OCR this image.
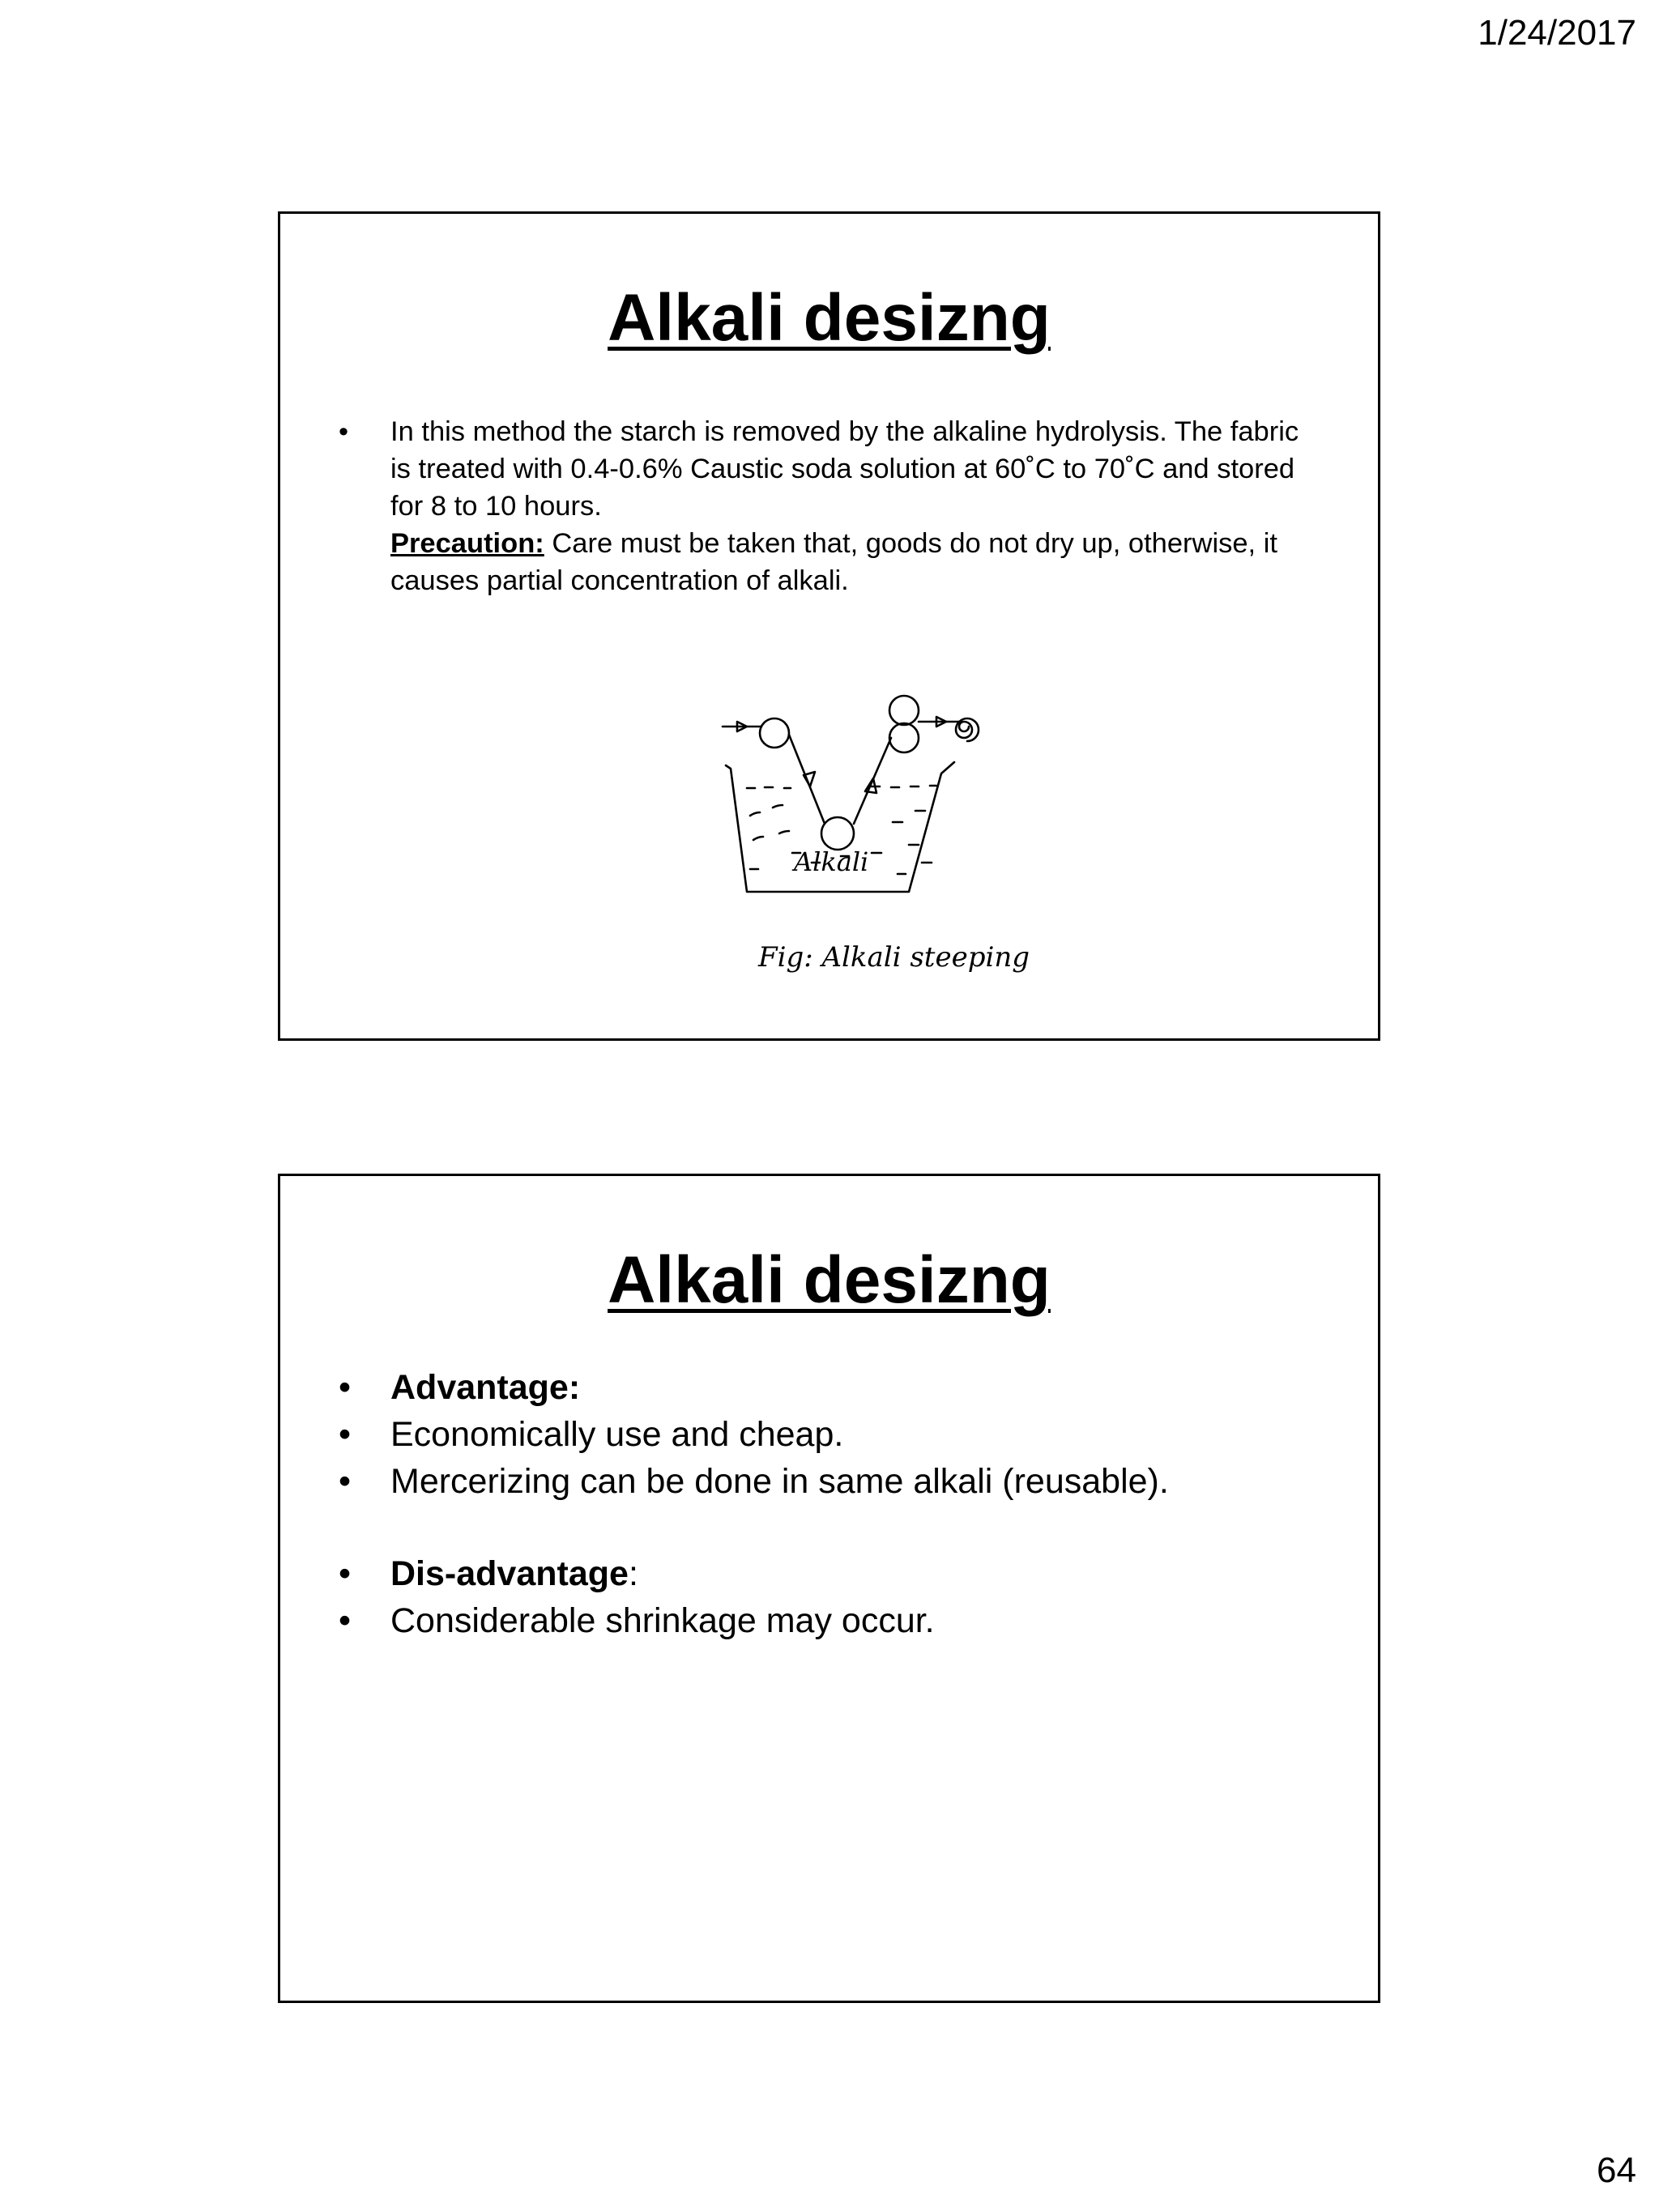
1/24/2017
Alkali desizng
•	In this method the starch is removed by the alkaline hydrolysis. The fabric is treated with 0.4-0.6% Caustic soda solution at 60˚C to 70˚C and stored for 8 to 10 hours.
Precaution: Care must be taken that, goods do not dry up, otherwise, it causes partial concentration of alkali.
Alkali
Fig: Alkali steeping
Alkali desizng
•	Advantage:
•	Economically use and cheap.
•	Mercerizing can be done in same alkali (reusable).
•	Dis-advantage:
•	Considerable shrinkage may occur.
64
